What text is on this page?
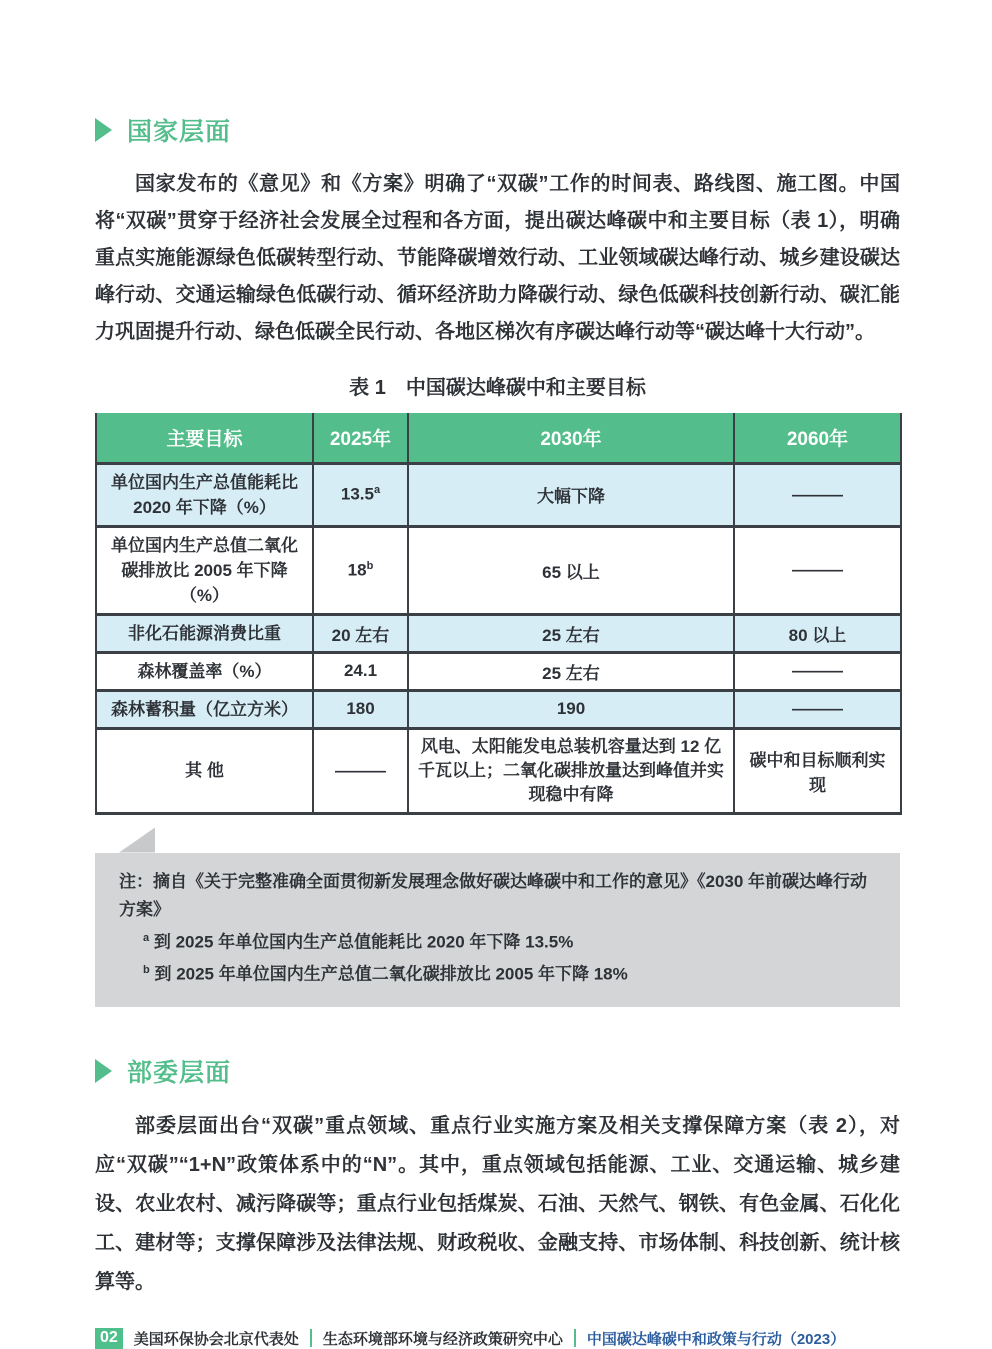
国家层面

国家发布的《意见》和《方案》明确了“双碳”工作的时间表、路线图、施工图。中国将“双碳”贯穿于经济社会发展全过程和各方面，提出碳达峰碳中和主要目标（表 1），明确重点实施能源绿色低碳转型行动、节能降碳增效行动、工业领域碳达峰行动、城乡建设碳达峰行动、交通运输绿色低碳行动、循环经济助力降碳行动、绿色低碳科技创新行动、碳汇能力巩固提升行动、绿色低碳全民行动、各地区梯次有序碳达峰行动等“碳达峰十大行动”。

表 1　中国碳达峰碳中和主要目标
主要目标	2025年	2030年	2060年
单位国内生产总值能耗比 2020 年下降（%）	13.5$^a$	大幅下降	———
单位国内生产总值二氧化碳排放比 2005 年下降（%）	18$^b$	65 以上	———
非化石能源消费比重	20 左右	25 左右	80 以上
森林覆盖率（%）	24.1	25 左右	———
森林蓄积量（亿立方米）	180	190	———
其 他	———	风电、太阳能发电总装机容量达到 12 亿千瓦以上；二氧化碳排放量达到峰值并实现稳中有降	碳中和目标顺利实现
注：摘自《关于完整准确全面贯彻新发展理念做好碳达峰碳中和工作的意见》《2030 年前碳达峰行动方案》
$^a$ 到 2025 年单位国内生产总值能耗比 2020 年下降 13.5%
$^b$ 到 2025 年单位国内生产总值二氧化碳排放比 2005 年下降 18%
部委层面

部委层面出台“双碳”重点领域、重点行业实施方案及相关支撑保障方案（表 2），对应“双碳”“1+N”政策体系中的“N”。其中，重点领域包括能源、工业、交通运输、城乡建设、农业农村、减污降碳等；重点行业包括煤炭、石油、天然气、钢铁、有色金属、石化化工、建材等；支撑保障涉及法律法规、财政税收、金融支持、市场体制、科技创新、统计核算等。

02	美国环保协会北京代表处 生态环境部环境与经济政策研究中心 中国碳达峰碳中和政策与行动（2023）
